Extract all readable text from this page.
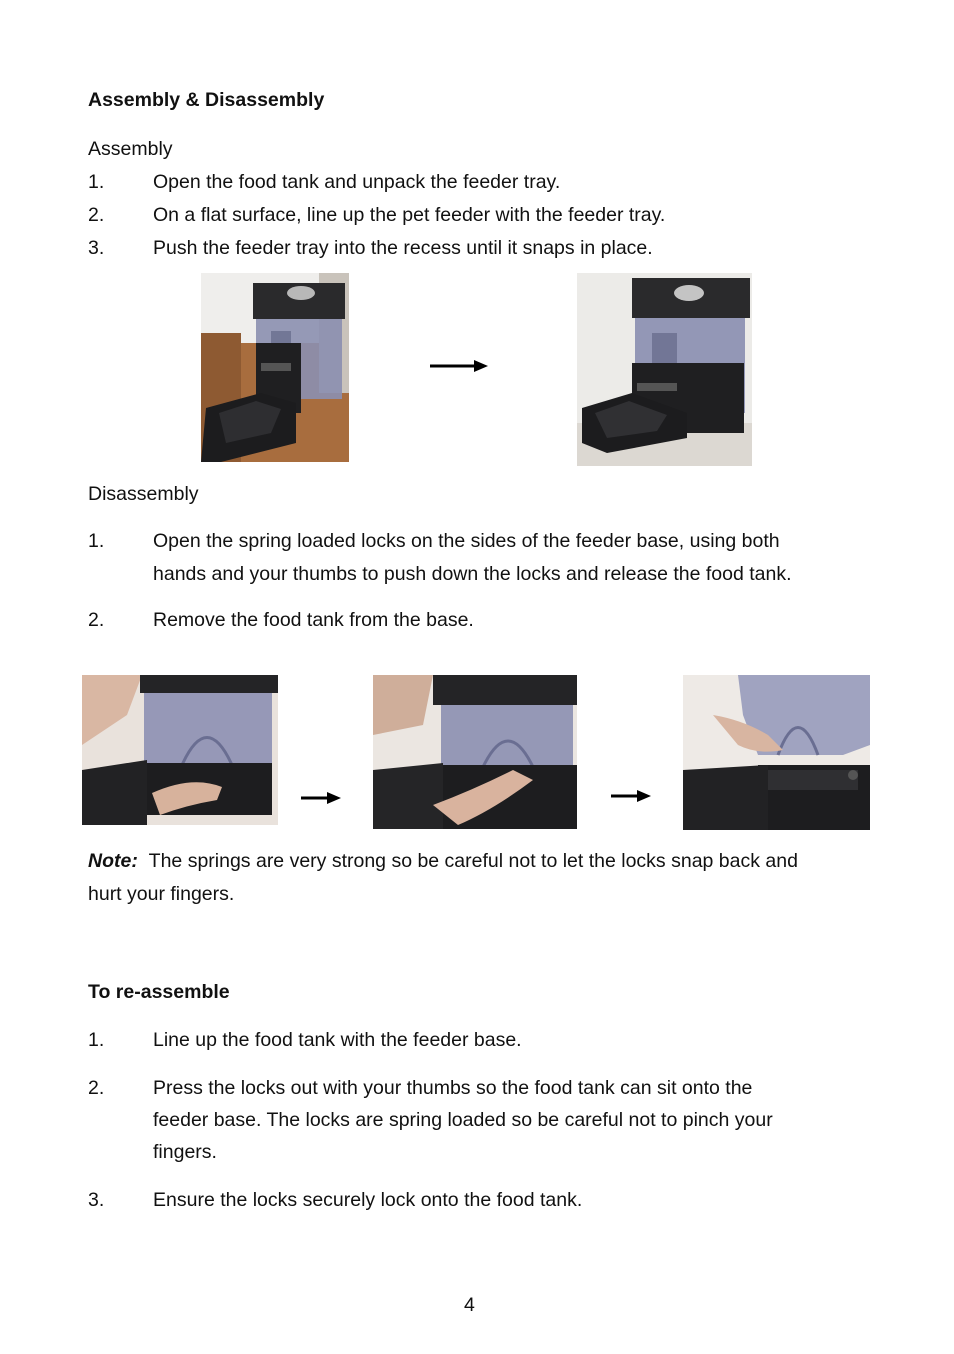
Assembly & Disassembly
Assembly
1. Open the food tank and unpack the feeder tray.
2. On a flat surface, line up the pet feeder with the feeder tray.
3. Push the feeder tray into the recess until it snaps in place.
Disassembly
1. Open the spring loaded locks on the sides of the feeder base, using both
hands and your thumbs to push down the locks and release the food tank.
2. Remove the food tank from the base.
Note: The springs are very strong so be careful not to let the locks snap back and
hurt your fingers.
To re-assemble
1. Line up the food tank with the feeder base.
2. Press the locks out with your thumbs so the food tank can sit onto the
feeder base. The locks are spring loaded so be careful not to pinch your
fingers.
3. Ensure the locks securely lock onto the food tank.
4
